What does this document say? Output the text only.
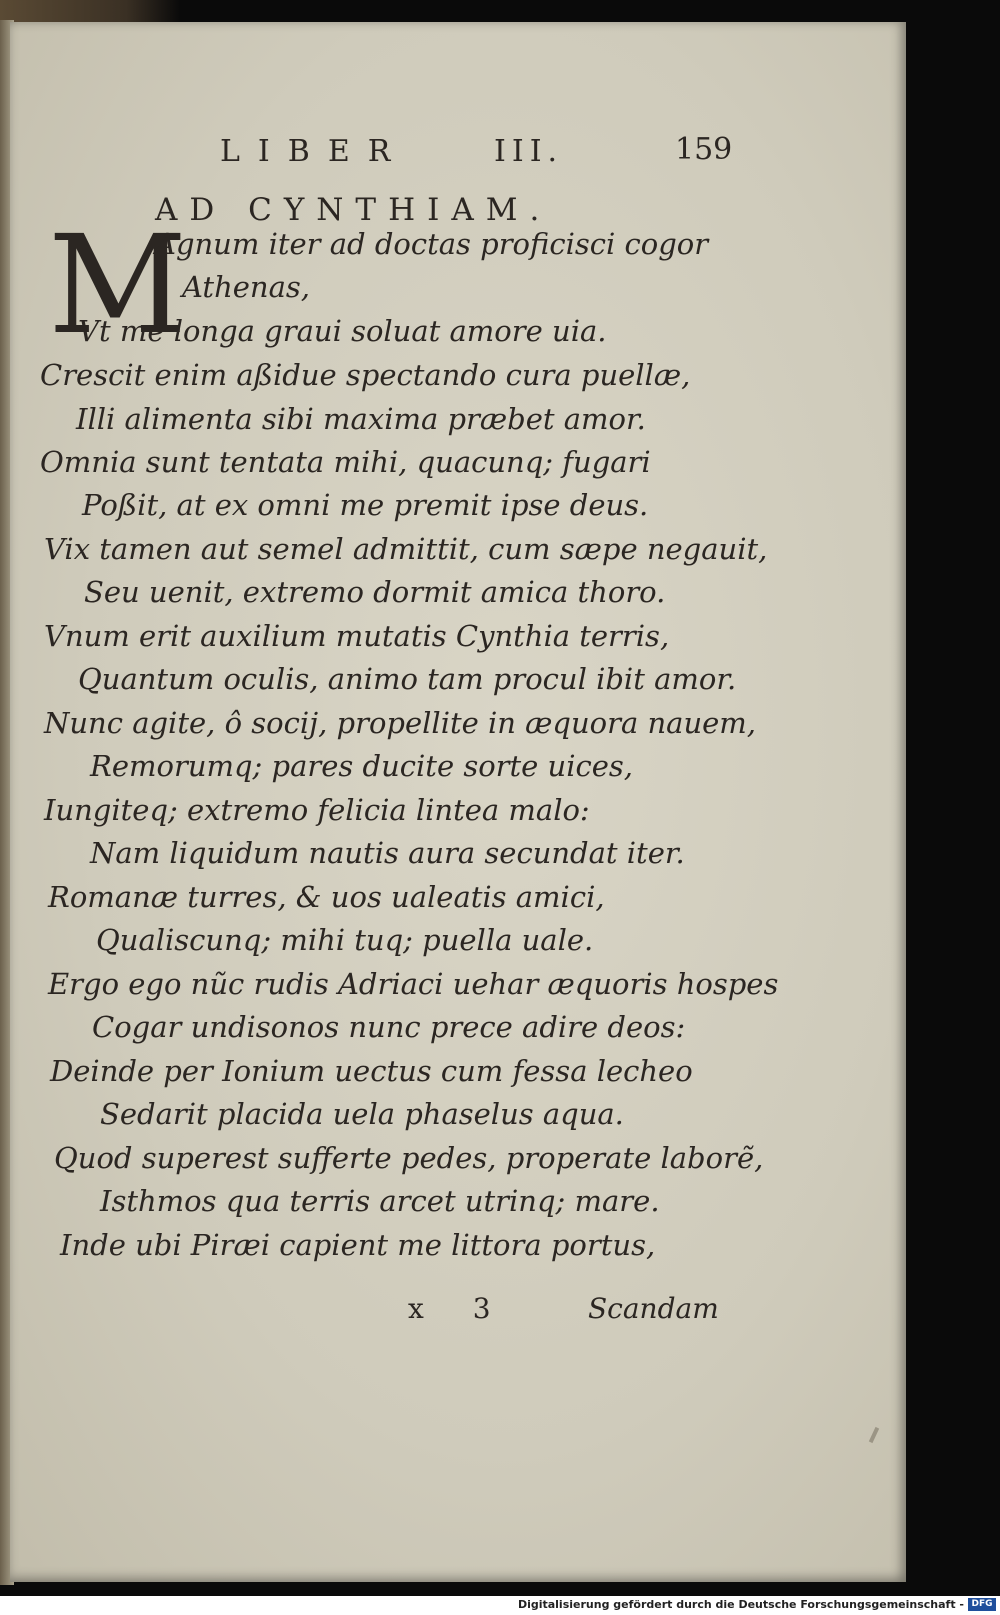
LIBER	III.	159
AD CYNTHIAM.
M
Agnum iter ad doctas proficisci cogor
Athenas,
Vt me longa graui soluat amore uia.
Crescit enim aßidue spectando cura puellæ,
Illi alimenta sibi maxima præbet amor.
Omnia sunt tentata mihi, quacunq; fugari
Poßit, at ex omni me premit ipse deus.
Vix tamen aut semel admittit, cum sæpe negauit,
Seu uenit, extremo dormit amica thoro.
Vnum erit auxilium mutatis Cynthia terris,
Quantum oculis, animo tam procul ibit amor.
Nunc agite, ô socij, propellite in æquora nauem,
Remorumq; pares ducite sorte uices,
Iungiteq; extremo felicia lintea malo:
Nam liquidum nautis aura secundat iter.
Romanæ turres, & uos ualeatis amici,
Qualiscunq; mihi tuq; puella uale.
Ergo ego nũc rudis Adriaci uehar æquoris hospes
Cogar undisonos nunc prece adire deos:
Deinde per Ionium uectus cum fessa lecheo
Sedarit placida uela phaselus aqua.
Quod superest sufferte pedes, properate laborẽ,
Isthmos qua terris arcet utrinq; mare.
Inde ubi Piræi capient me littora portus,
x 3	Scandam
Digitalisierung gefördert durch die Deutsche Forschungsgemeinschaft - DFG
